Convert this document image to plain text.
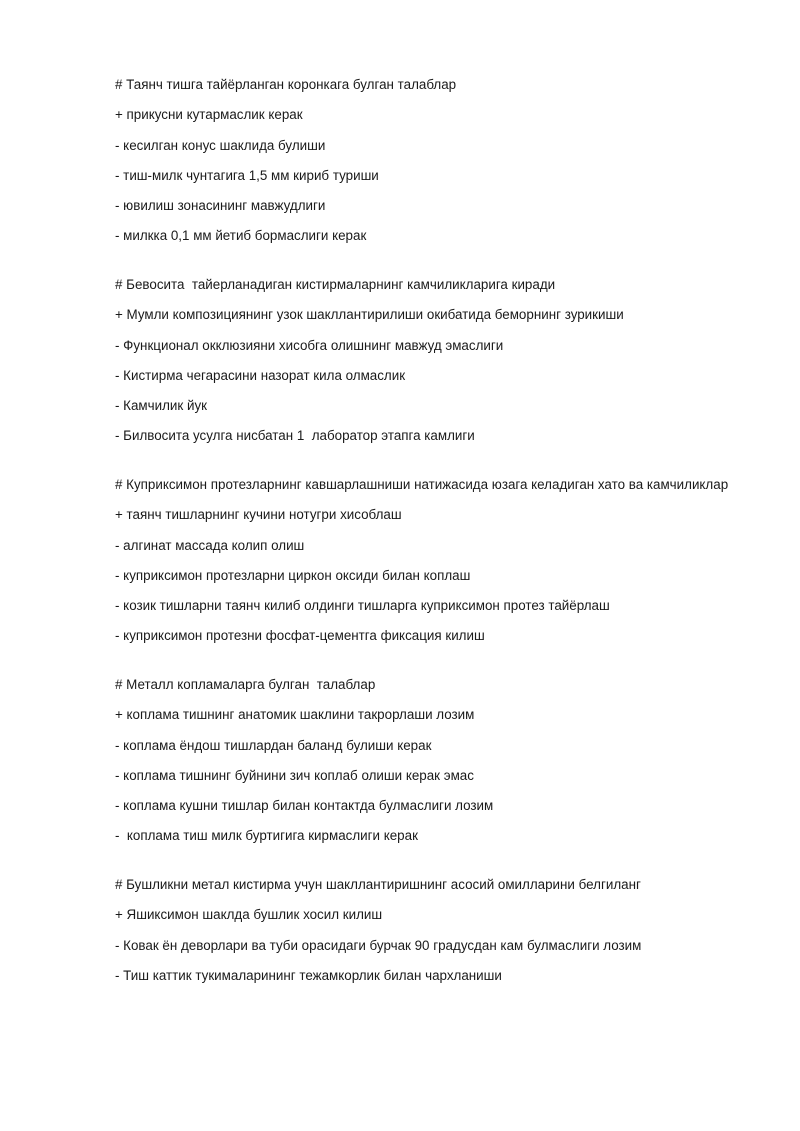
# Таянч тишга тайёрланган коронкага булган талаблар

+ прикусни кутармаслик керак

- кесилган конус шаклида булиши

- тиш-милк чунтагига 1,5 мм кириб туриши

- ювилиш зонасининг мавжудлиги

- милкка 0,1 мм йетиб бормаслиги керак

# Бевосита  тайерланадиган кистирмаларнинг камчиликларига киради

+ Мумли композициянинг узок шакллантирилиши окибатида беморнинг зурикиши

- Функционал окклюзияни хисобга олишнинг мавжуд эмаслиги

- Кистирма чегарасини назорат кила олмаслик

- Камчилик йук

- Билвосита усулга нисбатан 1  лаборатор этапга камлиги

# Куприксимон протезларнинг кавшарлашниши натижасида юзага келадиган хато ва камчиликлар

+ таянч тишларнинг кучини нотугри хисоблаш

- алгинат массада колип олиш

- куприксимон протезларни циркон оксиди билан коплаш

- козик тишларни таянч килиб олдинги тишларга куприксимон протез тайёрлаш

- куприксимон протезни фосфат-цементга фиксация килиш

# Металл копламаларга булган  талаблар

+ коплама тишнинг анатомик шаклини такрорлаши лозим

- коплама ёндош тишлардан баланд булиши керак

- коплама тишнинг буйнини зич коплаб олиши керак эмас

- коплама кушни тишлар билан контактда булмаслиги лозим

-  коплама тиш милк буртигига кирмаслиги керак

# Бушликни метал кистирма учун шакллантиришнинг асосий омилларини белгиланг

+ Яшиксимон шаклда бушлик хосил килиш

- Ковак ён деворлари ва туби орасидаги бурчак 90 градусдан кам булмаслиги лозим

- Тиш каттик тукималарининг тежамкорлик билан чархланиши
